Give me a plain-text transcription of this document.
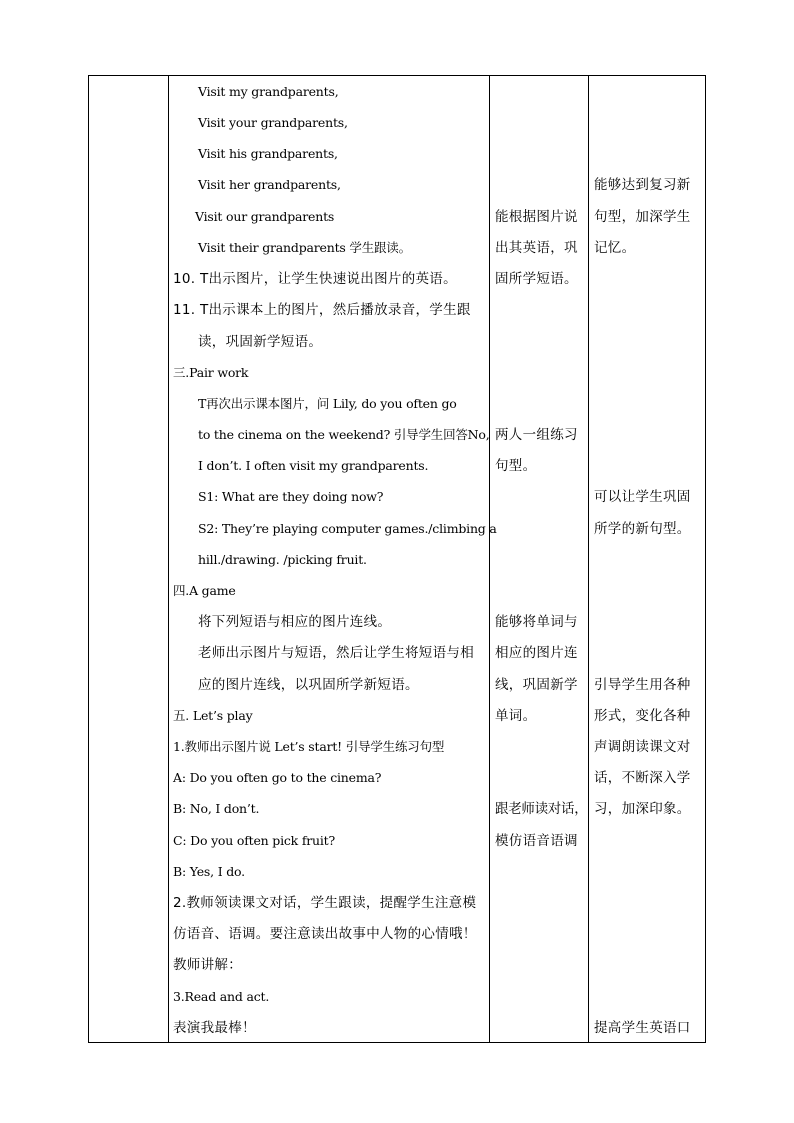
Visit my grandparents,
Visit your grandparents,
Visit his grandparents,
Visit her grandparents,
Visit our grandparents
Visit their grandparents 学生跟读。
10. T出示图片，让学生快速说出图片的英语。
11. T出示课本上的图片，然后播放录音，学生跟
读，巩固新学短语。
三.Pair work
T再次出示课本图片，问 Lily, do you often go
to the cinema on the weekend? 引导学生回答No,
I don’t. I often visit my grandparents.
S1: What are they doing now?
S2: They’re playing computer games./climbing a
hill./drawing. /picking fruit.
四.A game
将下列短语与相应的图片连线。
老师出示图片与短语，然后让学生将短语与相
应的图片连线，以巩固所学新短语。
五. Let’s play
1.教师出示图片说 Let’s start! 引导学生练习句型
A: Do you often go to the cinema?
B: No, I don’t.
C: Do you often pick fruit?
B: Yes, I do.
2.教师领读课文对话，学生跟读，提醒学生注意模
仿语音、语调。要注意读出故事中人物的心情哦！
教师讲解：
3.Read and act.
表演我最棒！
能根据图片说
出其英语，巩
固所学短语。
两人一组练习
句型。
能够将单词与
相应的图片连
线，巩固新学
单词。
跟老师读对话，
模仿语音语调
能够达到复习新
句型，加深学生
记忆。
可以让学生巩固
所学的新句型。
引导学生用各种
形式，变化各种
声调朗读课文对
话，不断深入学
习，加深印象。
提高学生英语口
